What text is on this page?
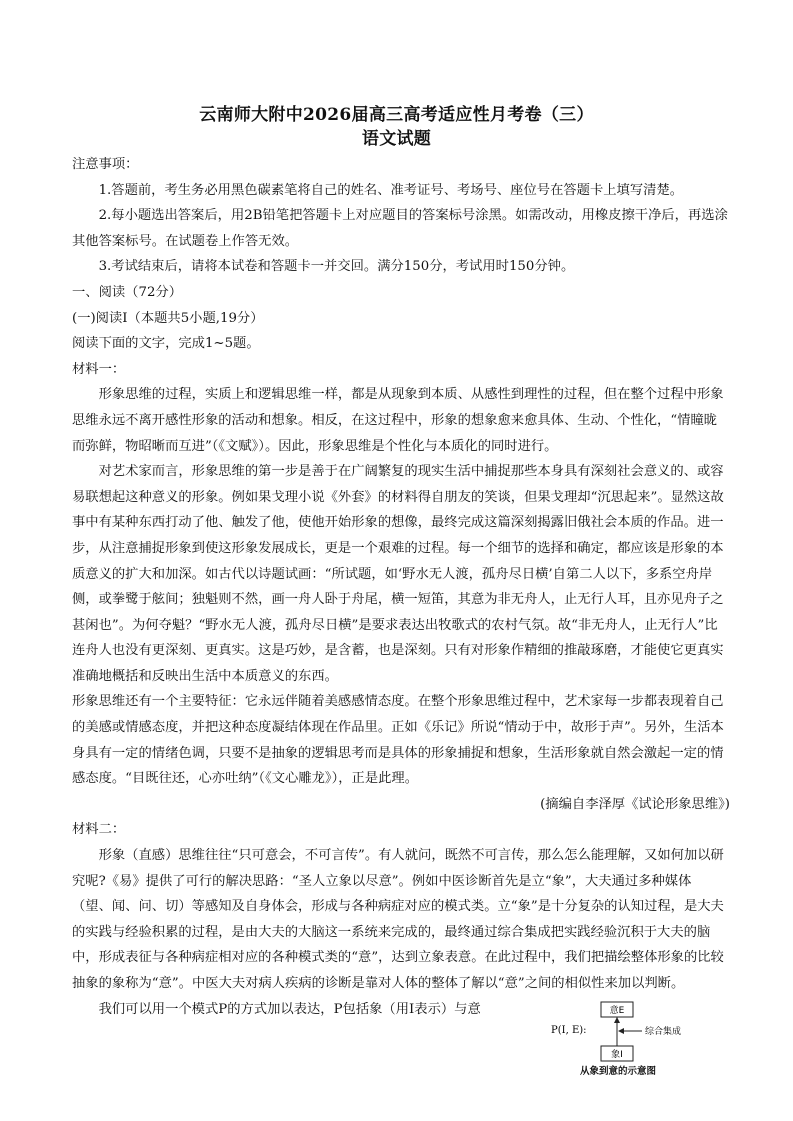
云南师大附中2026届高三高考适应性月考卷（三）
语文试题

注意事项：

1.答题前，考生务必用黑色碳素笔将自己的姓名、准考证号、考场号、座位号在答题卡上填写清楚。

2.每小题选出答案后，用2B铅笔把答题卡上对应题目的答案标号涂黑。如需改动，用橡皮擦干净后，再选涂其他答案标号。在试题卷上作答无效。

3.考试结束后，请将本试卷和答题卡一并交回。满分150分，考试用时150分钟。

一、阅读（72分）

(一)阅读Ⅰ（本题共5小题,19分）

阅读下面的文字，完成1~5题。

材料一：

形象思维的过程，实质上和逻辑思维一样，都是从现象到本质、从感性到理性的过程，但在整个过程中形象思维永远不离开感性形象的活动和想象。相反，在这过程中，形象的想象愈来愈具体、生动、个性化，“情瞳昽而弥鲜，物昭晰而互进”（《文赋》）。因此，形象思维是个性化与本质化的同时进行。

对艺术家而言，形象思维的第一步是善于在广阔繁复的现实生活中捕捉那些本身具有深刻社会意义的、或容易联想起这种意义的形象。例如果戈理小说《外套》的材料得自朋友的笑谈，但果戈理却“沉思起来”。显然这故事中有某种东西打动了他、触发了他，使他开始形象的想像，最终完成这篇深刻揭露旧俄社会本质的作品。进一步，从注意捕捉形象到使这形象发展成长，更是一个艰难的过程。每一个细节的选择和确定，都应该是形象的本质意义的扩大和加深。如古代以诗题试画：“所试题，如‘野水无人渡，孤舟尽日横’自第二人以下，多系空舟岸侧，或拳鹭于舷间；独魁则不然，画一舟人卧于舟尾，横一短笛，其意为非无舟人，止无行人耳，且亦见舟子之甚闲也”。为何夺魁？“野水无人渡，孤舟尽日横”是要求表达出牧歌式的农村气氛。故“非无舟人，止无行人”比连舟人也没有更深刻、更真实。这是巧妙，是含蓄，也是深刻。只有对形象作精细的推敲琢磨，才能使它更真实准确地概括和反映出生活中本质意义的东西。

形象思维还有一个主要特征：它永远伴随着美感感情态度。在整个形象思维过程中，艺术家每一步都表现着自己的美感或情感态度，并把这种态度凝结体现在作品里。正如《乐记》所说“情动于中，故形于声”。另外，生活本身具有一定的情绪色调，只要不是抽象的逻辑思考而是具体的形象捕捉和想象，生活形象就自然会激起一定的情感态度。“目既往还，心亦吐纳”（《文心雕龙》），正是此理。

(摘编自李泽厚《试论形象思维》)

材料二：

形象（直感）思维往往“只可意会，不可言传”。有人就问，既然不可言传，那么怎么能理解，又如何加以研究呢?《易》提供了可行的解决思路：“圣人立象以尽意”。例如中医诊断首先是立“象”，大夫通过多种媒体（望、闻、问、切）等感知及自身体会，形成与各种病症对应的模式类。立“象”是十分复杂的认知过程，是大夫的实践与经验积累的过程，是由大夫的大脑这一系统来完成的，最终通过综合集成把实践经验沉积于大夫的脑中，形成表征与各种病症相对应的各种模式类的“意”，达到立象表意。在此过程中，我们把描绘整体形象的比较抽象的象称为“意”。中医大夫对病人疾病的诊断是靠对人体的整体了解以“意”之间的相似性来加以判断。

我们可以用一个模式P的方式加以表达，P包括象（用I表示）与意

P(I, E):
意E
象I
综合集成
从象到意的示意图
